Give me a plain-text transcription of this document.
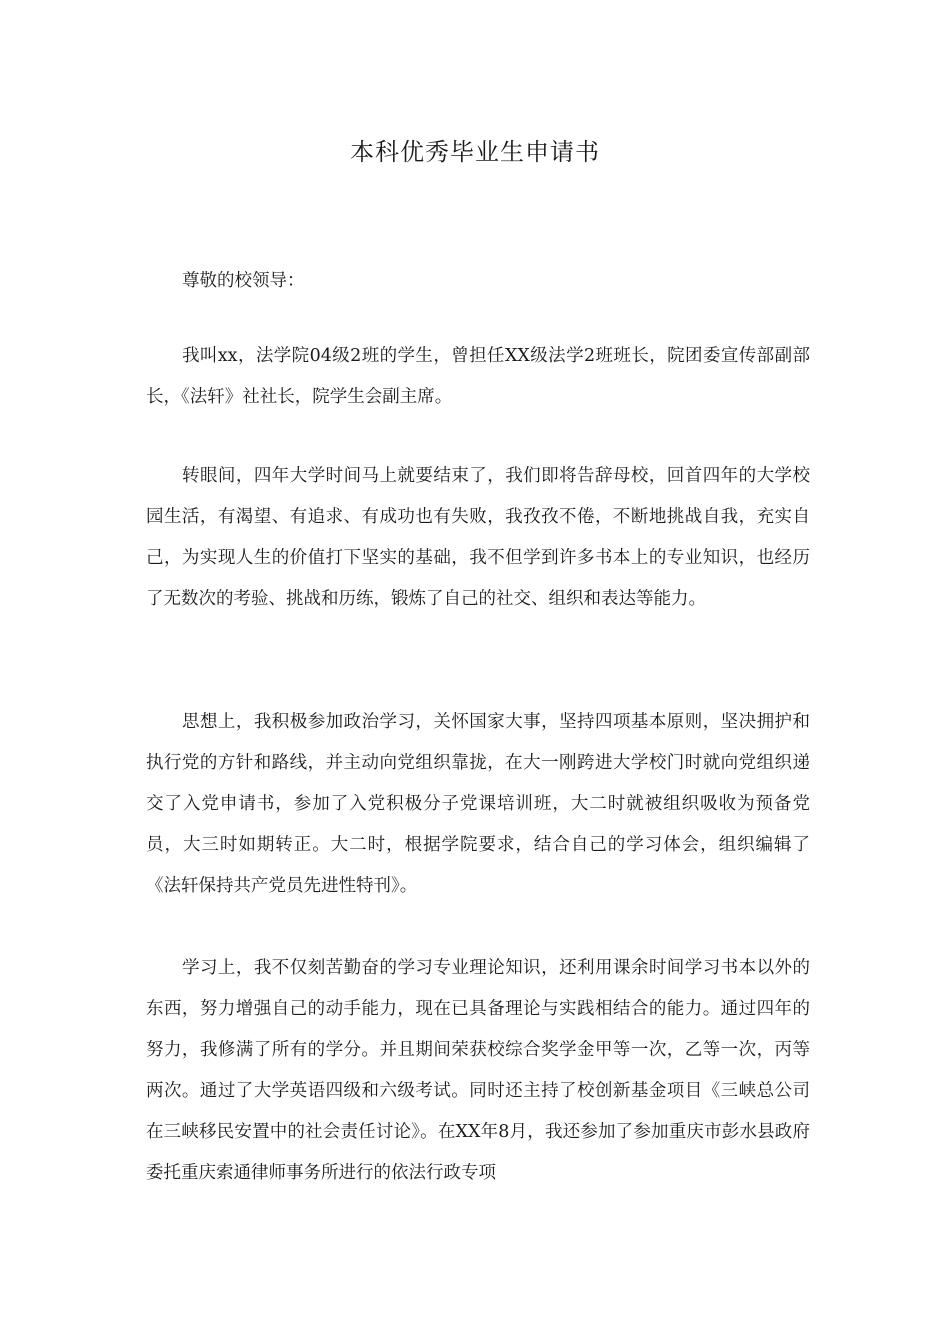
本科优秀毕业生申请书

尊敬的校领导：

我叫xx，法学院04级2班的学生，曾担任XX级法学2班班长，院团委宣传部副部长，《法轩》社社长，院学生会副主席。

转眼间，四年大学时间马上就要结束了，我们即将告辞母校，回首四年的大学校园生活，有渴望、有追求、有成功也有失败，我孜孜不倦，不断地挑战自我，充实自己，为实现人生的价值打下坚实的基础，我不但学到许多书本上的专业知识，也经历了无数次的考验、挑战和历练，锻炼了自己的社交、组织和表达等能力。

思想上，我积极参加政治学习，关怀国家大事，坚持四项基本原则，坚决拥护和执行党的方针和路线，并主动向党组织靠拢，在大一刚跨进大学校门时就向党组织递交了入党申请书，参加了入党积极分子党课培训班，大二时就被组织吸收为预备党员，大三时如期转正。大二时，根据学院要求，结合自己的学习体会，组织编辑了《法轩保持共产党员先进性特刊》。

学习上，我不仅刻苦勤奋的学习专业理论知识，还利用课余时间学习书本以外的东西，努力增强自己的动手能力，现在已具备理论与实践相结合的能力。通过四年的努力，我修满了所有的学分。并且期间荣获校综合奖学金甲等一次，乙等一次，丙等两次。通过了大学英语四级和六级考试。同时还主持了校创新基金项目《三峡总公司在三峡移民安置中的社会责任讨论》。在XX年8月，我还参加了参加重庆市彭水县政府委托重庆索通律师事务所进行的依法行政专项
